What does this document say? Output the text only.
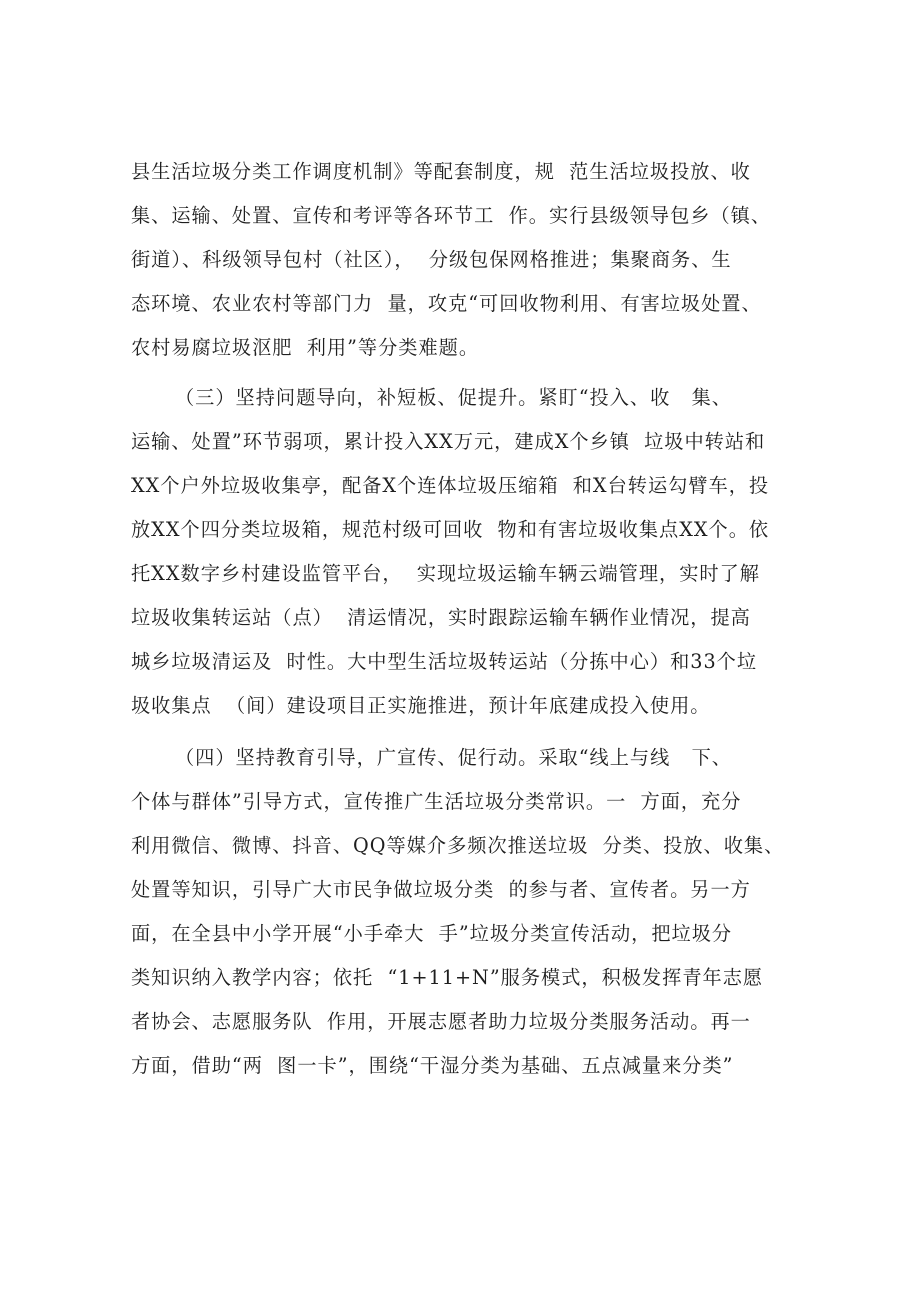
县生活垃圾分类工作调度机制》等配套制度，规  范生活垃圾投放、收

集、运输、处置、宣传和考评等各环节工  作。实行县级领导包乡（镇、

街道）、科级领导包村（社区），  分级包保网格推进；集聚商务、生

态环境、农业农村等部门力  量，攻克“可回收物利用、有害垃圾处置、

农村易腐垃圾沤肥  利用”等分类难题。

（三）坚持问题导向，补短板、促提升。紧盯“投入、收   集、

运输、处置”环节弱项，累计投入XX万元，建成X个乡镇  垃圾中转站和

XX个户外垃圾收集亭，配备X个连体垃圾压缩箱  和X台转运勾臂车，投

放XX个四分类垃圾箱，规范村级可回收  物和有害垃圾收集点XX个。依

托XX数字乡村建设监管平台，  实现垃圾运输车辆云端管理，实时了解

垃圾收集转运站（点）  清运情况，实时跟踪运输车辆作业情况，提高

城乡垃圾清运及  时性。大中型生活垃圾转运站（分拣中心）和33个垃

圾收集点  （间）建设项目正实施推进，预计年底建成投入使用。

（四）坚持教育引导，广宣传、促行动。采取“线上与线   下、

个体与群体”引导方式，宣传推广生活垃圾分类常识。一  方面，充分

利用微信、微博、抖音、QQ等媒介多频次推送垃圾  分类、投放、收集、

处置等知识，引导广大市民争做垃圾分类  的参与者、宣传者。另一方

面，在全县中小学开展“小手牵大  手”垃圾分类宣传活动，把垃圾分

类知识纳入教学内容；依托  “1+11+N”服务模式，积极发挥青年志愿

者协会、志愿服务队  作用，开展志愿者助力垃圾分类服务活动。再一

方面，借助“两  图一卡”，围绕“干湿分类为基础、五点减量来分类”
